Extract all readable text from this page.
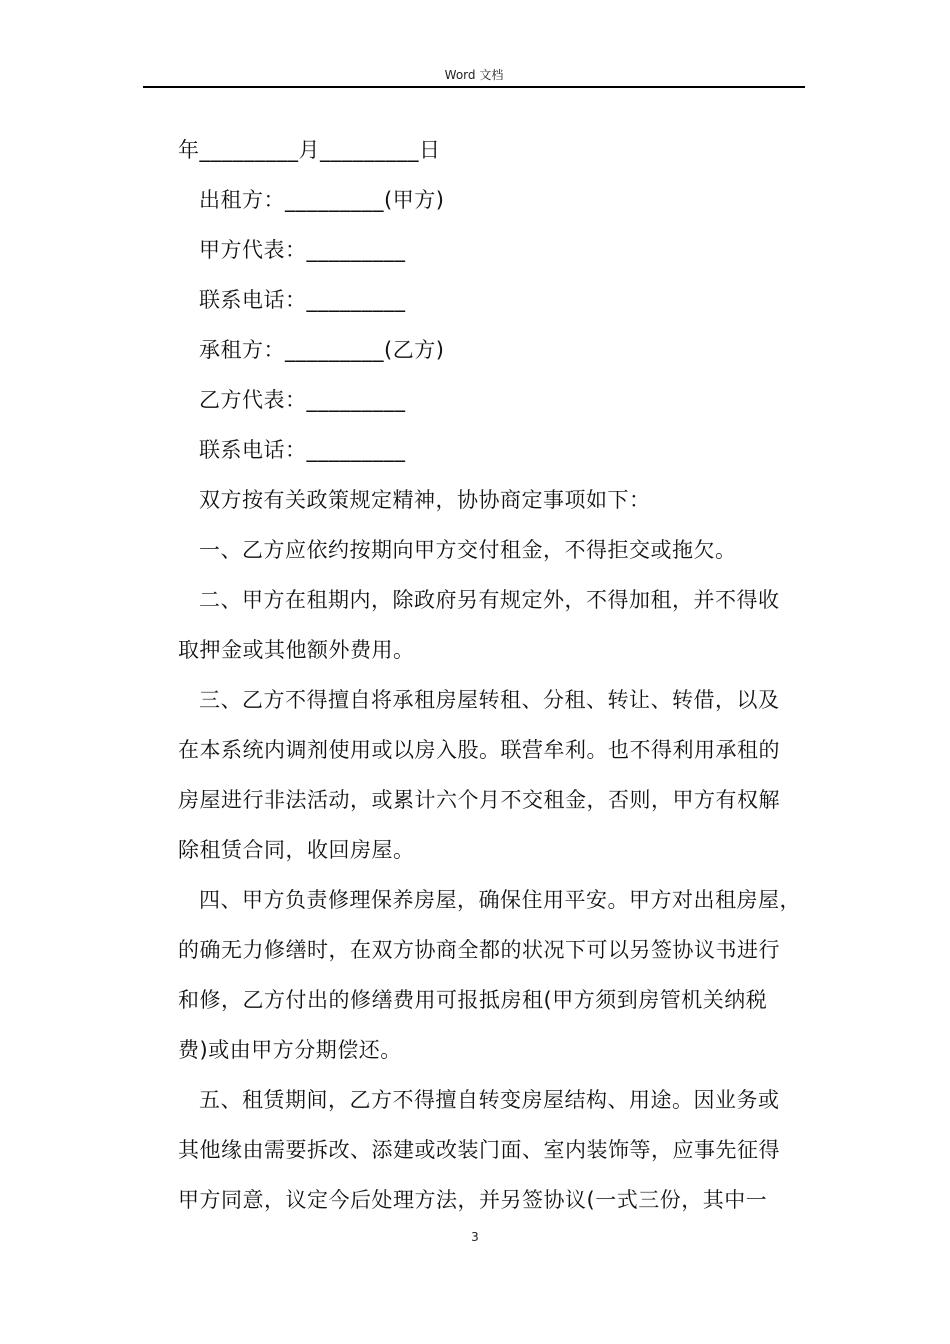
Word 文档
年_________月_________日
出租方：_________(甲方)
甲方代表：_________
联系电话：_________
承租方：_________(乙方)
乙方代表：_________
联系电话：_________
双方按有关政策规定精神，协协商定事项如下：
一、乙方应依约按期向甲方交付租金，不得拒交或拖欠。
二、甲方在租期内，除政府另有规定外，不得加租，并不得收
取押金或其他额外费用。
三、乙方不得擅自将承租房屋转租、分租、转让、转借，以及
在本系统内调剂使用或以房入股。联营牟利。也不得利用承租的
房屋进行非法活动，或累计六个月不交租金，否则，甲方有权解
除租赁合同，收回房屋。
四、甲方负责修理保养房屋，确保住用平安。甲方对出租房屋，
的确无力修缮时，在双方协商全都的状况下可以另签协议书进行
和修，乙方付出的修缮费用可报抵房租(甲方须到房管机关纳税
费)或由甲方分期偿还。
五、租赁期间，乙方不得擅自转变房屋结构、用途。因业务或
其他缘由需要拆改、添建或改装门面、室内装饰等，应事先征得
甲方同意，议定今后处理方法，并另签协议(一式三份，其中一
3
